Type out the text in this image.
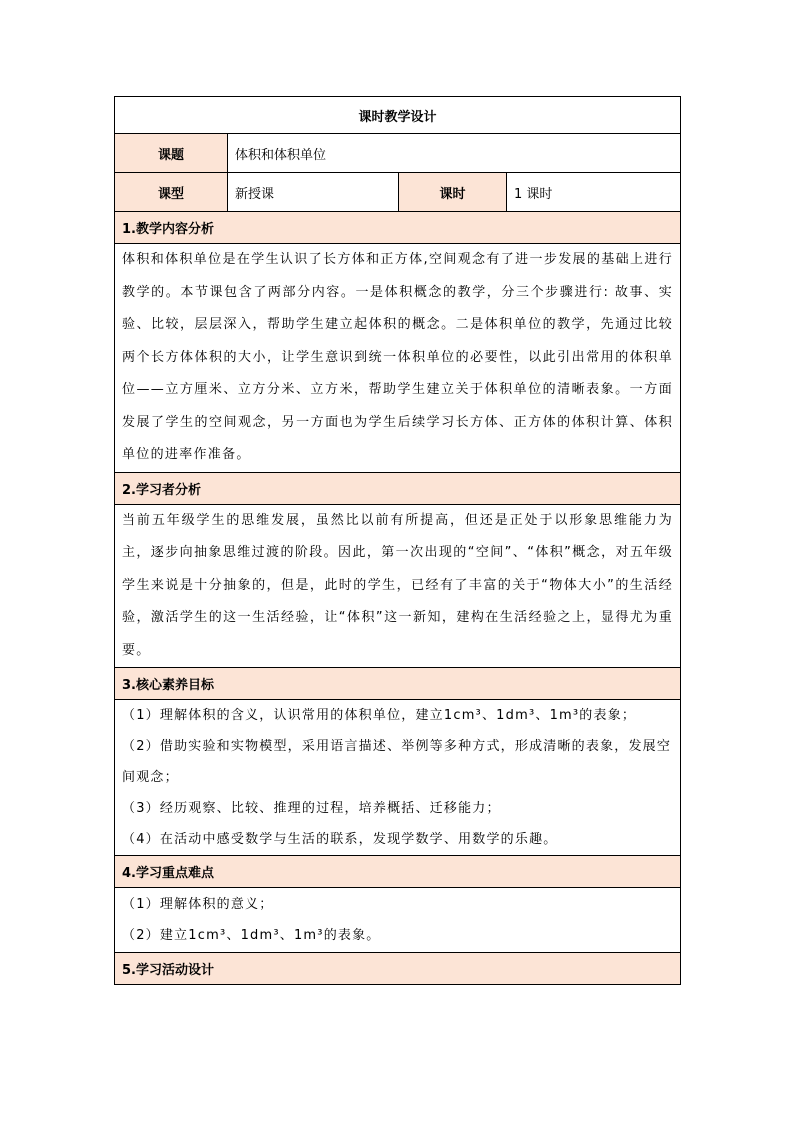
课时教学设计			
课题	体积和体积单位		
课型	新授课	课时	1 课时
1.教学内容分析			
体积和体积单位是在学生认识了长方体和正方体,空间观念有了进一步发展的基础上进行教学的。本节课包含了两部分内容。一是体积概念的教学，分三个步骤进行: 故事、实验、比较，层层深入，帮助学生建立起体积的概念。二是体积单位的教学，先通过比较两个长方体体积的大小，让学生意识到统一体积单位的必要性，以此引出常用的体积单位——立方厘米、立方分米、立方米，帮助学生建立关于体积单位的清晰表象。一方面发展了学生的空间观念，另一方面也为学生后续学习长方体、正方体的体积计算、体积单位的进率作准备。			
2.学习者分析			
当前五年级学生的思维发展，虽然比以前有所提高，但还是正处于以形象思维能力为主，逐步向抽象思维过渡的阶段。因此，第一次出现的“空间”、“体积”概念，对五年级学生来说是十分抽象的，但是，此时的学生，已经有了丰富的关于“物体大小”的生活经验，激活学生的这一生活经验，让“体积”这一新知，建构在生活经验之上，显得尤为重要。			
3.核心素养目标			

（1）理解体积的含义，认识常用的体积单位，建立1cm³、1dm³、1m³的表象；
（2）借助实验和实物模型，采用语言描述、举例等多种方式，形成清晰的表象，发展空间观念；
（3）经历观察、比较、推理的过程，培养概括、迁移能力；
（4）在活动中感受数学与生活的联系，发现学数学、用数学的乐趣。			

4.学习重点难点			

（1）理解体积的意义；
（2）建立1cm³、1dm³、1m³的表象。			

5.学习活动设计			
